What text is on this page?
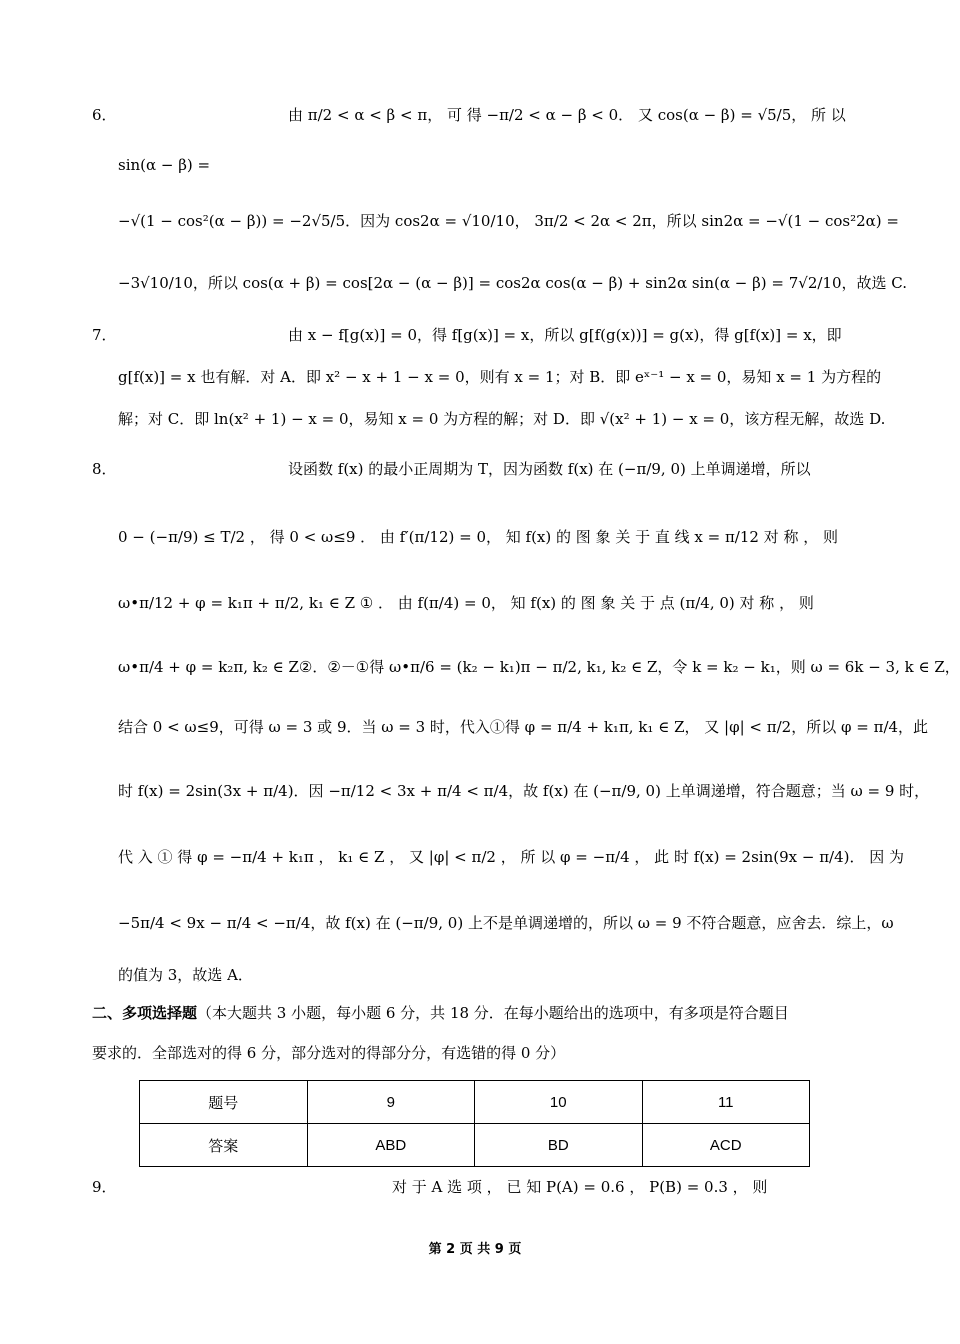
6．	由 π/2 < α < β < π， 可 得 −π/2 < α − β < 0． 又 cos(α − β) = √5/5， 所 以
sin(α − β) =
−√(1 − cos²(α − β)) = −2√5/5．因为 cos2α = √10/10， 3π/2 < 2α < 2π，所以 sin2α = −√(1 − cos²2α) =
−3√10/10，所以 cos(α + β) = cos[2α − (α − β)] = cos2α cos(α − β) + sin2α sin(α − β) = 7√2/10，故选 C.
7．	由 x − f[g(x)] = 0，得 f[g(x)] = x，所以 g[f(g(x))] = g(x)，得 g[f(x)] = x，即
g[f(x)] = x 也有解．对 A．即 x² − x + 1 − x = 0，则有 x = 1；对 B．即 eˣ⁻¹ − x = 0，易知 x = 1 为方程的
解；对 C．即 ln(x² + 1) − x = 0，易知 x = 0 为方程的解；对 D．即 √(x² + 1) − x = 0，该方程无解，故选 D.
8．	设函数 f(x) 的最小正周期为 T，因为函数 f(x) 在 (−π/9, 0) 上单调递增，所以
0 − (−π/9) ≤ T/2 ， 得 0 < ω≤9 ． 由 f′(π/12) = 0， 知 f(x) 的 图 象 关 于 直 线 x = π/12 对 称 ， 则
ω•π/12 + φ = k₁π + π/2, k₁ ∈ Z ① ． 由 f(π/4) = 0， 知 f(x) 的 图 象 关 于 点 (π/4, 0) 对 称 ， 则
ω•π/4 + φ = k₂π, k₂ ∈ Z②．②－①得 ω•π/6 = (k₂ − k₁)π − π/2, k₁, k₂ ∈ Z，令 k = k₂ − k₁，则 ω = 6k − 3, k ∈ Z，
结合 0 < ω≤9，可得 ω = 3 或 9．当 ω = 3 时，代入①得 φ = π/4 + k₁π, k₁ ∈ Z， 又 |φ| < π/2，所以 φ = π/4，此
时 f(x) = 2sin(3x + π/4)．因 −π/12 < 3x + π/4 < π/4，故 f(x) 在 (−π/9, 0) 上单调递增，符合题意；当 ω = 9 时，
代 入 ① 得 φ = −π/4 + k₁π ， k₁ ∈ Z ， 又 |φ| < π/2 ， 所 以 φ = −π/4 ， 此 时 f(x) = 2sin(9x − π/4)． 因 为
−5π/4 < 9x − π/4 < −π/4，故 f(x) 在 (−π/9, 0) 上不是单调递增的，所以 ω = 9 不符合题意，应舍去．综上，ω
的值为 3，故选 A．
二、多项选择题（本大题共 3 小题，每小题 6 分，共 18 分．在每小题给出的选项中，有多项是符合题目
要求的．全部选对的得 6 分，部分选对的得部分分，有选错的得 0 分）
题号	9	10	11
答案	ABD	BD	ACD
9．	对 于 A 选 项 ， 已 知 P(A) = 0.6 ， P(B) = 0.3 ， 则
第 2 页 共 9 页
